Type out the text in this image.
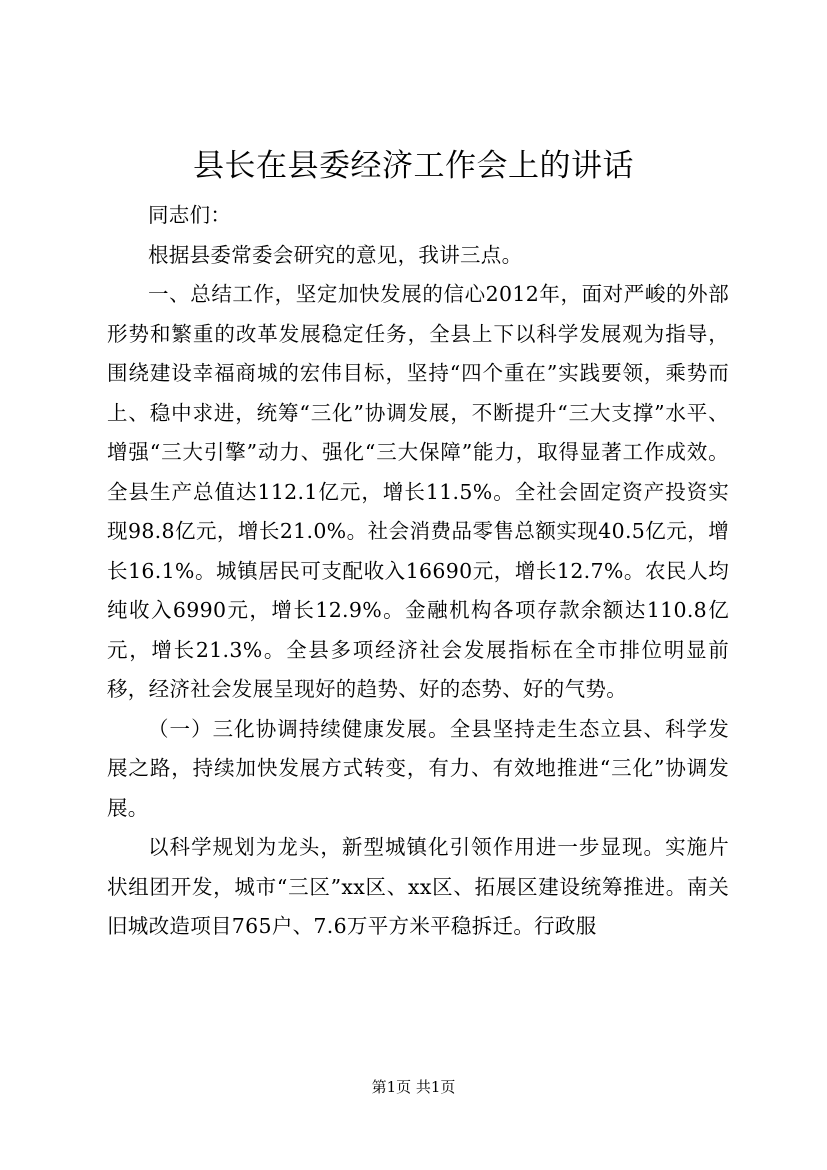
县长在县委经济工作会上的讲话

同志们：

根据县委常委会研究的意见，我讲三点。

一、总结工作，坚定加快发展的信心2012年，面对严峻的外部形势和繁重的改革发展稳定任务，全县上下以科学发展观为指导，围绕建设幸福商城的宏伟目标，坚持“四个重在”实践要领，乘势而上、稳中求进，统筹“三化”协调发展，不断提升“三大支撑”水平、增强“三大引擎”动力、强化“三大保障”能力，取得显著工作成效。全县生产总值达112.1亿元，增长11.5%。全社会固定资产投资实现98.8亿元，增长21.0%。社会消费品零售总额实现40.5亿元，增长16.1%。城镇居民可支配收入16690元，增长12.7%。农民人均纯收入6990元，增长12.9%。金融机构各项存款余额达110.8亿元，增长21.3%。全县多项经济社会发展指标在全市排位明显前移，经济社会发展呈现好的趋势、好的态势、好的气势。

（一）三化协调持续健康发展。全县坚持走生态立县、科学发展之路，持续加快发展方式转变，有力、有效地推进“三化”协调发展。

以科学规划为龙头，新型城镇化引领作用进一步显现。实施片状组团开发，城市“三区”xx区、xx区、拓展区建设统筹推进。南关旧城改造项目765户、7.6万平方米平稳拆迁。行政服

第1页 共1页
